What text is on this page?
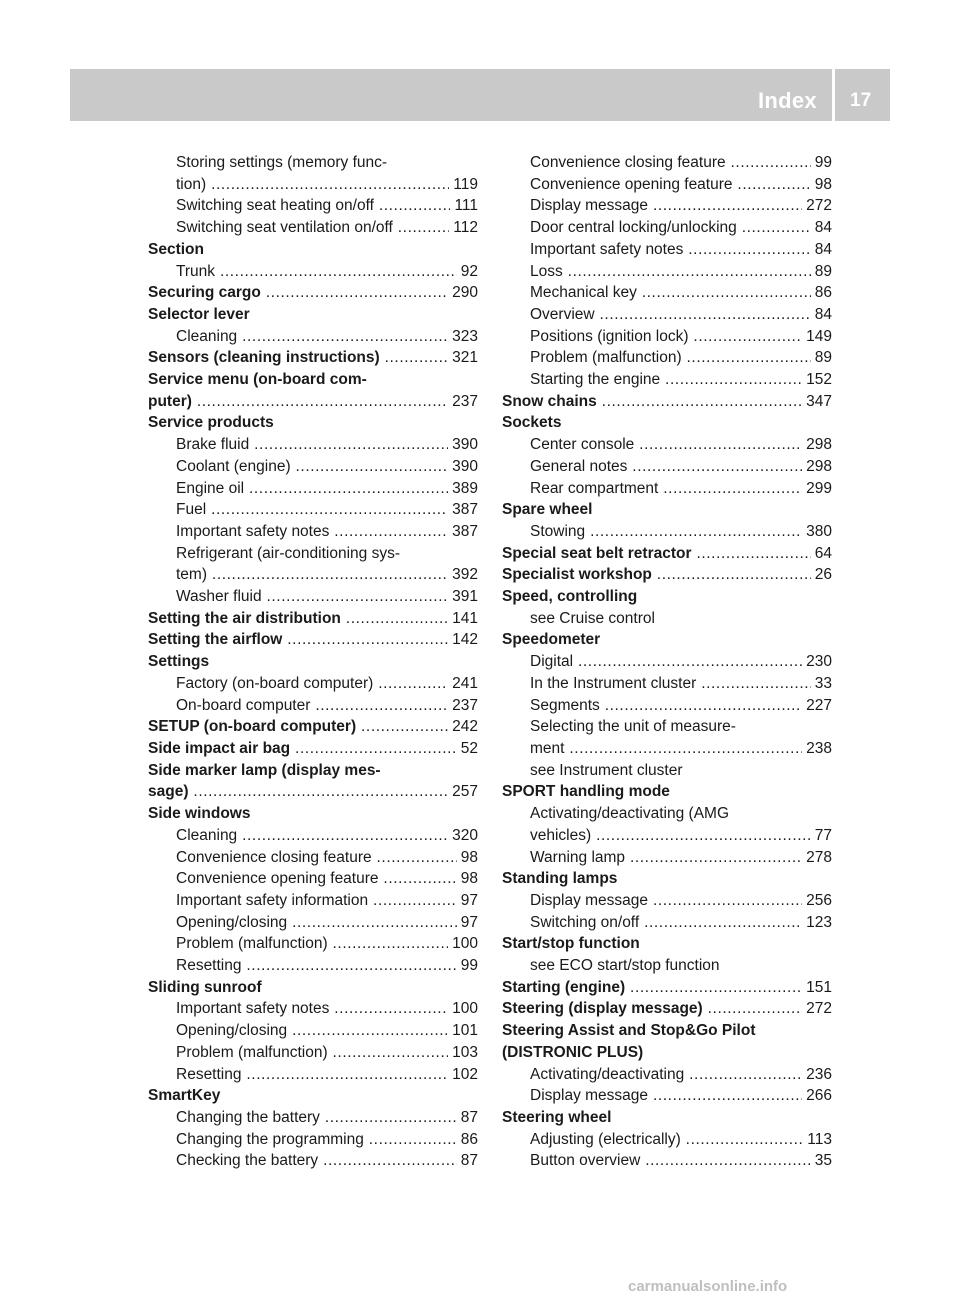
Index 17
Storing settings (memory func-
tion) .....	119
Switching seat heating on/off .....	111
Switching seat ventilation on/off .....	112
Section
Trunk .....	92
Securing cargo .....	290
Selector lever
Cleaning .....	323
Sensors (cleaning instructions) .....	321
Service menu (on-board com-
puter) .....	237
Service products
Brake fluid .....	390
Coolant (engine) .....	390
Engine oil .....	389
Fuel .....	387
Important safety notes .....	387
Refrigerant (air-conditioning sys-
tem) .....	392
Washer fluid .....	391
Setting the air distribution .....	141
Setting the airflow .....	142
Settings
Factory (on-board computer) .....	241
On-board computer .....	237
SETUP (on-board computer) .....	242
Side impact air bag .....	52
Side marker lamp (display mes-
sage) .....	257
Side windows
Cleaning .....	320
Convenience closing feature .....	98
Convenience opening feature .....	98
Important safety information .....	97
Opening/closing .....	97
Problem (malfunction) .....	100
Resetting .....	99
Sliding sunroof
Important safety notes .....	100
Opening/closing .....	101
Problem (malfunction) .....	103
Resetting .....	102
SmartKey
Changing the battery .....	87
Changing the programming .....	86
Checking the battery .....	87
Convenience closing feature .....	99
Convenience opening feature .....	98
Display message .....	272
Door central locking/unlocking .....	84
Important safety notes .....	84
Loss .....	89
Mechanical key .....	86
Overview .....	84
Positions (ignition lock) .....	149
Problem (malfunction) .....	89
Starting the engine .....	152
Snow chains .....	347
Sockets
Center console .....	298
General notes .....	298
Rear compartment .....	299
Spare wheel
Stowing .....	380
Special seat belt retractor .....	64
Specialist workshop .....	26
Speed, controlling
see Cruise control
Speedometer
Digital .....	230
In the Instrument cluster .....	33
Segments .....	227
Selecting the unit of measure-
ment .....	238
see Instrument cluster
SPORT handling mode
Activating/deactivating (AMG
vehicles) .....	77
Warning lamp .....	278
Standing lamps
Display message .....	256
Switching on/off .....	123
Start/stop function
see ECO start/stop function
Starting (engine) .....	151
Steering (display message) .....	272
Steering Assist and Stop&Go Pilot
(DISTRONIC PLUS)
Activating/deactivating .....	236
Display message .....	266
Steering wheel
Adjusting (electrically) .....	113
Button overview .....	35
carmanualsonline.info
